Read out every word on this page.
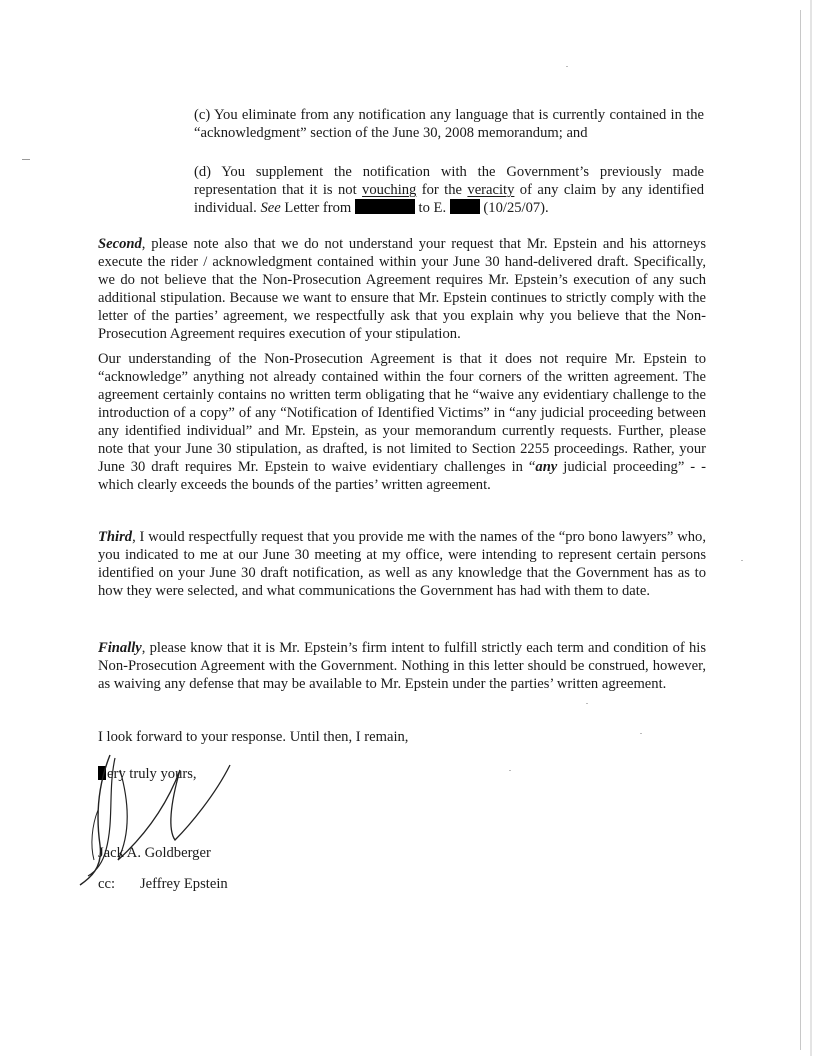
(c) You eliminate from any notification any language that is currently contained in the “acknowledgment” section of the June 30, 2008 memorandum; and

(d) You supplement the notification with the Government’s previously made representation that it is not vouching for the veracity of any claim by any identified individual. See Letter from	to E.  (10/25/07).

Second, please note also that we do not understand your request that Mr. Epstein and his attorneys execute the rider / acknowledgment contained within your June 30 hand-delivered draft. Specifically, we do not believe that the Non-Prosecution Agreement requires Mr. Epstein’s execution of any such additional stipulation. Because we want to ensure that Mr. Epstein continues to strictly comply with the letter of the parties’ agreement, we respectfully ask that you explain why you believe that the Non-Prosecution Agreement requires execution of your stipulation.

Our understanding of the Non-Prosecution Agreement is that it does not require Mr. Epstein to “acknowledge” anything not already contained within the four corners of the written agreement. The agreement certainly contains no written term obligating that he “waive any evidentiary challenge to the introduction of a copy” of any “Notification of Identified Victims” in “any judicial proceeding between any identified individual” and Mr. Epstein, as your memorandum currently requests. Further, please note that your June 30 stipulation, as drafted, is not limited to Section 2255 proceedings. Rather, your June 30 draft requires Mr. Epstein to waive evidentiary challenges in “any judicial proceeding” - - which clearly exceeds the bounds of the parties’ written agreement.

Third, I would respectfully request that you provide me with the names of the “pro bono lawyers” who, you indicated to me at our June 30 meeting at my office, were intending to represent certain persons identified on your June 30 draft notification, as well as any knowledge that the Government has as to how they were selected, and what communications the Government has had with them to date.

Finally, please know that it is Mr. Epstein’s firm intent to fulfill strictly each term and condition of his Non-Prosecution Agreement with the Government. Nothing in this letter should be construed, however, as waiving any defense that may be available to Mr. Epstein under the parties’ written agreement.

I look forward to your response. Until then, I remain,
ery truly yours,
Jack A. Goldberger
cc: Jeffrey Epstein
